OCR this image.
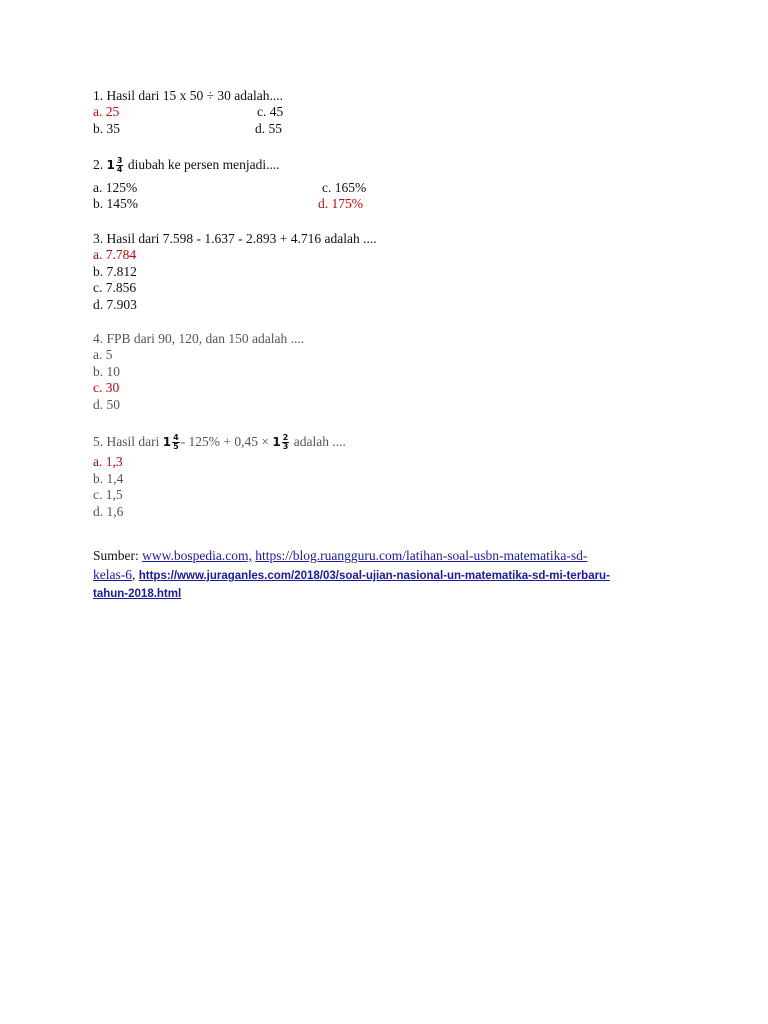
1. Hasil dari 15 x 50 ÷ 30 adalah....
a. 25	c. 45
b. 35	d. 55
2. $1 \frac{3}{4}$ diubah ke persen menjadi....
a. 125%	c. 165%
b. 145%	d. 175%
3. Hasil dari 7.598 - 1.637 - 2.893 + 4.716 adalah ....
a. 7.784
b. 7.812
c. 7.856
d. 7.903
4. FPB dari 90, 120, dan 150 adalah ....
a. 5
b. 10
c. 30
d. 50
5. Hasil dari $1 \frac{4}{5} - 125\% + 0,45 \times 1 \frac{2}{3}$ adalah ....
a. 1,3
b. 1,4
c. 1,5
d. 1,6
Sumber: www.bospedia.com, https://blog.ruangguru.com/latihan-soal-usbn-matematika-sd-
kelas-6, https://www.juraganles.com/2018/03/soal-ujian-nasional-un-matematika-sd-mi-terbaru-
tahun-2018.html
